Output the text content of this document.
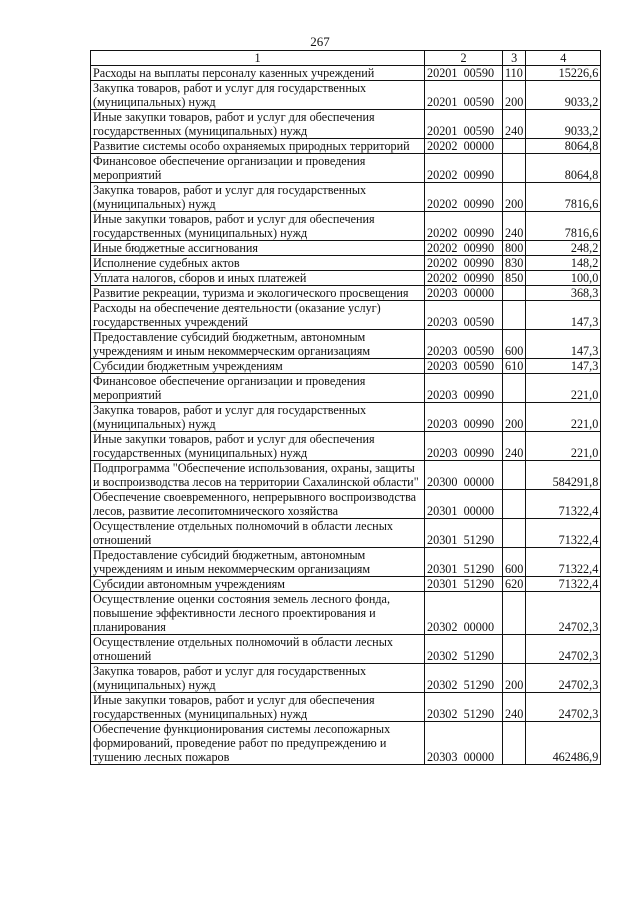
267
1	2	3	4
Расходы на выплаты персоналу казенных учреждений	20201  00590	110	15226,6
Закупка товаров, работ и услуг для государственных (муниципальных) нужд	20201  00590	200	9033,2
Иные закупки товаров, работ и услуг для обеспечения государственных (муниципальных) нужд	20201  00590	240	9033,2
Развитие системы особо охраняемых природных территорий	20202  00000		8064,8
Финансовое обеспечение организации и проведения мероприятий	20202  00990		8064,8
Закупка товаров, работ и услуг для государственных (муниципальных) нужд	20202  00990	200	7816,6
Иные закупки товаров, работ и услуг для обеспечения государственных (муниципальных) нужд	20202  00990	240	7816,6
Иные бюджетные ассигнования	20202  00990	800	248,2
Исполнение судебных актов	20202  00990	830	148,2
Уплата налогов, сборов и иных платежей	20202  00990	850	100,0
Развитие рекреации, туризма и экологического просвещения	20203  00000		368,3
Расходы на обеспечение деятельности (оказание услуг) государственных учреждений	20203  00590		147,3
Предоставление субсидий бюджетным, автономным учреждениям и иным некоммерческим организациям	20203  00590	600	147,3
Субсидии бюджетным учреждениям	20203  00590	610	147,3
Финансовое обеспечение организации и проведения мероприятий	20203  00990		221,0
Закупка товаров, работ и услуг для государственных (муниципальных) нужд	20203  00990	200	221,0
Иные закупки товаров, работ и услуг для обеспечения государственных (муниципальных) нужд	20203  00990	240	221,0
Подпрограмма "Обеспечение использования, охраны, защиты и воспроизводства лесов на территории Сахалинской области"	20300  00000		584291,8
Обеспечение своевременного, непрерывного воспроизводства лесов, развитие лесопитомнического хозяйства	20301  00000		71322,4
Осуществление отдельных полномочий в области лесных отношений	20301  51290		71322,4
Предоставление субсидий бюджетным, автономным учреждениям и иным некоммерческим организациям	20301  51290	600	71322,4
Субсидии автономным учреждениям	20301  51290	620	71322,4
Осуществление оценки состояния земель лесного фонда, повышение эффективности лесного проектирования и планирования	20302  00000		24702,3
Осуществление отдельных полномочий в области лесных отношений	20302  51290		24702,3
Закупка товаров, работ и услуг для государственных (муниципальных) нужд	20302  51290	200	24702,3
Иные закупки товаров, работ и услуг для обеспечения государственных (муниципальных) нужд	20302  51290	240	24702,3
Обеспечение функционирования системы лесопожарных формирований, проведение работ по предупреждению и тушению лесных пожаров	20303  00000		462486,9
